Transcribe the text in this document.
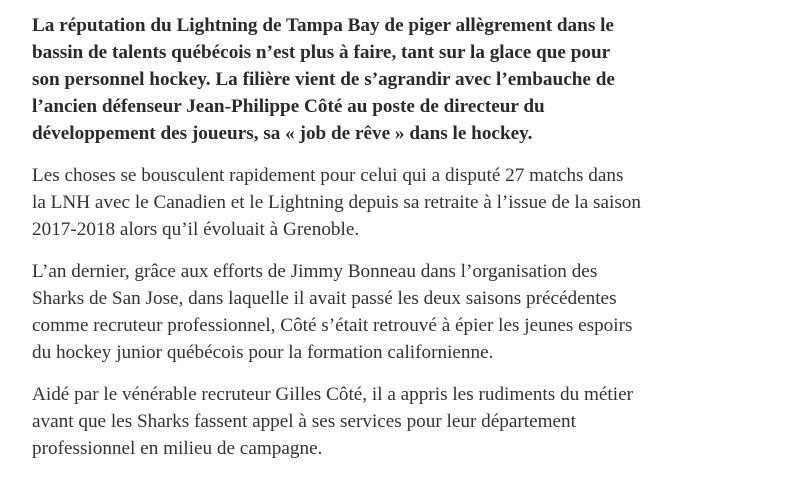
La réputation du Lightning de Tampa Bay de piger allègrement dans le
bassin de talents québécois n’est plus à faire, tant sur la glace que pour
son personnel hockey. La filière vient de s’agrandir avec l’embauche de
l’ancien défenseur Jean-Philippe Côté au poste de directeur du
développement des joueurs, sa « job de rêve » dans le hockey.

Les choses se bousculent rapidement pour celui qui a disputé 27 matchs dans
la LNH avec le Canadien et le Lightning depuis sa retraite à l’issue de la saison
2017-2018 alors qu’il évoluait à Grenoble.

L’an dernier, grâce aux efforts de Jimmy Bonneau dans l’organisation des
Sharks de San Jose, dans laquelle il avait passé les deux saisons précédentes
comme recruteur professionnel, Côté s’était retrouvé à épier les jeunes espoirs
du hockey junior québécois pour la formation californienne.

Aidé par le vénérable recruteur Gilles Côté, il a appris les rudiments du métier
avant que les Sharks fassent appel à ses services pour leur département
professionnel en milieu de campagne.
